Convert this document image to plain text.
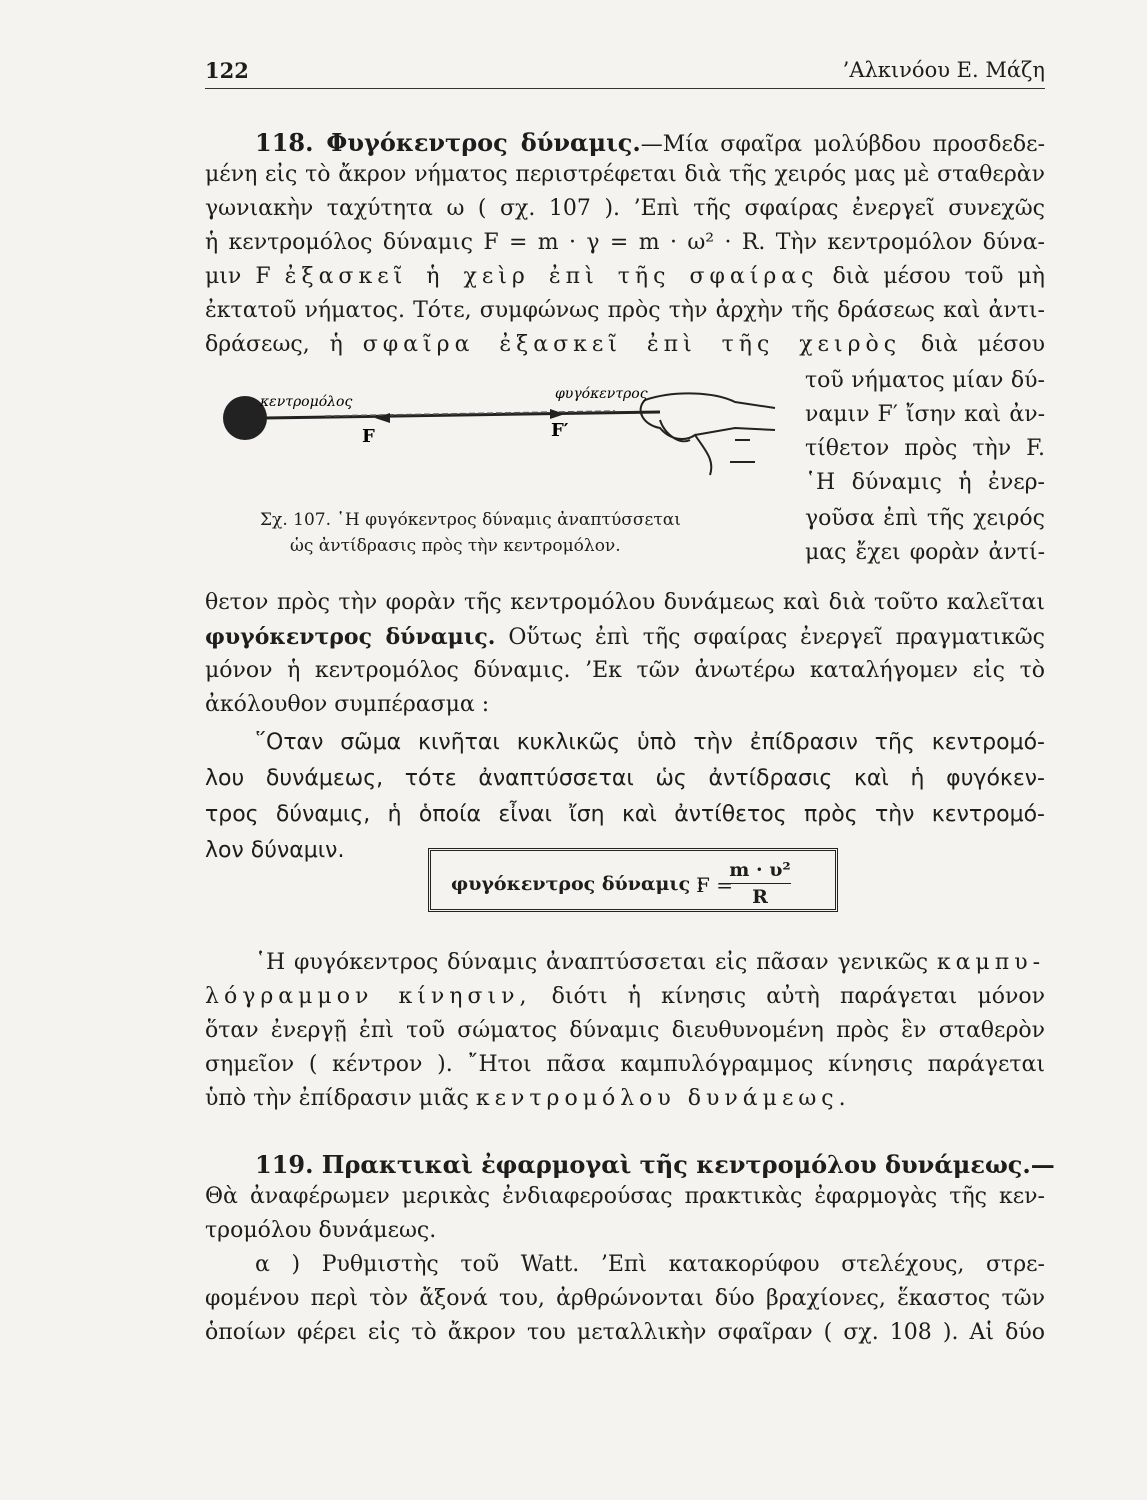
122	’Αλκινόου Ε. Μάζη
118. Φυγόκεντρος δύναμις.—Μία σφαῖρα μολύβδου προσδεδε-
μένη εἰς τὸ ἄκρον νήματος περιστρέφεται διὰ τῆς χειρός μας μὲ σταθερὰν
γωνιακὴν ταχύτητα ω ( σχ. 107 ). ’Επὶ τῆς σφαίρας ἐνεργεῖ συνεχῶς
ἡ κεντρομόλος δύναμις F = m · γ = m · ω² · R. Τὴν κεντρομόλον δύνα-
μιν F ἐξασκεῖ ἡ χεὶρ ἐπὶ τῆς σφαίρας διὰ μέσου τοῦ μὴ
ἐκτατοῦ νήματος. Τότε, συμφώνως πρὸς τὴν ἀρχὴν τῆς δράσεως καὶ ἀντι-
δράσεως, ἡ σφαῖρα ἐξασκεῖ ἐπὶ τῆς χειρὸς διὰ μέσου
τοῦ νήματος μίαν δύ-
ναμιν F′ ἴσην καὶ ἀν-
τίθετον πρὸς τὴν F.
῾Η δύναμις ἡ ἐνερ-
γοῦσα ἐπὶ τῆς χειρός
μας ἔχει φορὰν ἀντί-
κεντρομόλος	φυγόκεντρος
F	F′
Σχ. 107. ῾Η φυγόκεντρος δύναμις ἀναπτύσσεται
ὡς ἀντίδρασις πρὸς τὴν κεντρομόλον.
θετον πρὸς τὴν φορὰν τῆς κεντρομόλου δυνάμεως καὶ διὰ τοῦτο καλεῖται
φυγόκεντρος δύναμις. Οὕτως ἐπὶ τῆς σφαίρας ἐνεργεῖ πραγματικῶς
μόνον ἡ κεντρομόλος δύναμις. ’Εκ τῶν ἀνωτέρω καταλήγομεν εἰς τὸ
ἀκόλουθον συμπέρασμα :
῞Οταν σῶμα κινῆται κυκλικῶς ὑπὸ τὴν ἐπίδρασιν τῆς κεντρομό-
λου δυνάμεως, τότε ἀναπτύσσεται ὡς ἀντίδρασις καὶ ἡ φυγόκεν-
τρος δύναμις, ἡ ὁποία εἶναι ἴση καὶ ἀντίθετος πρὸς τὴν κεντρομό-
λον δύναμιν.
φυγόκεντρος δύναμις :
F =
$\frac{\text{m · υ²}}{R}$
῾Η φυγόκεντρος δύναμις ἀναπτύσσεται εἰς πᾶσαν γενικῶς καμπυ-
λόγραμμον κίνησιν, διότι ἡ κίνησις αὐτὴ παράγεται μόνον
ὅταν ἐνεργῇ ἐπὶ τοῦ σώματος δύναμις διευθυνομένη πρὸς ἓν σταθερὸν
σημεῖον ( κέντρον ). ῎Ητοι πᾶσα καμπυλόγραμμος κίνησις παράγεται
ὑπὸ τὴν ἐπίδρασιν μιᾶς κεντρομόλου δυνάμεως.
119. Πρακτικαὶ ἐφαρμογαὶ τῆς κεντρομόλου δυνάμεως.—
Θὰ ἀναφέρωμεν μερικὰς ἐνδιαφερούσας πρακτικὰς ἐφαρμογὰς τῆς κεν-
τρομόλου δυνάμεως.
α ) Ρυθμιστὴς τοῦ Watt. ’Επὶ κατακορύφου στελέχους, στρε-
φομένου περὶ τὸν ἄξονά του, ἀρθρώνονται δύο βραχίονες, ἕκαστος τῶν
ὁποίων φέρει εἰς τὸ ἄκρον του μεταλλικὴν σφαῖραν ( σχ. 108 ). Αἱ δύο
